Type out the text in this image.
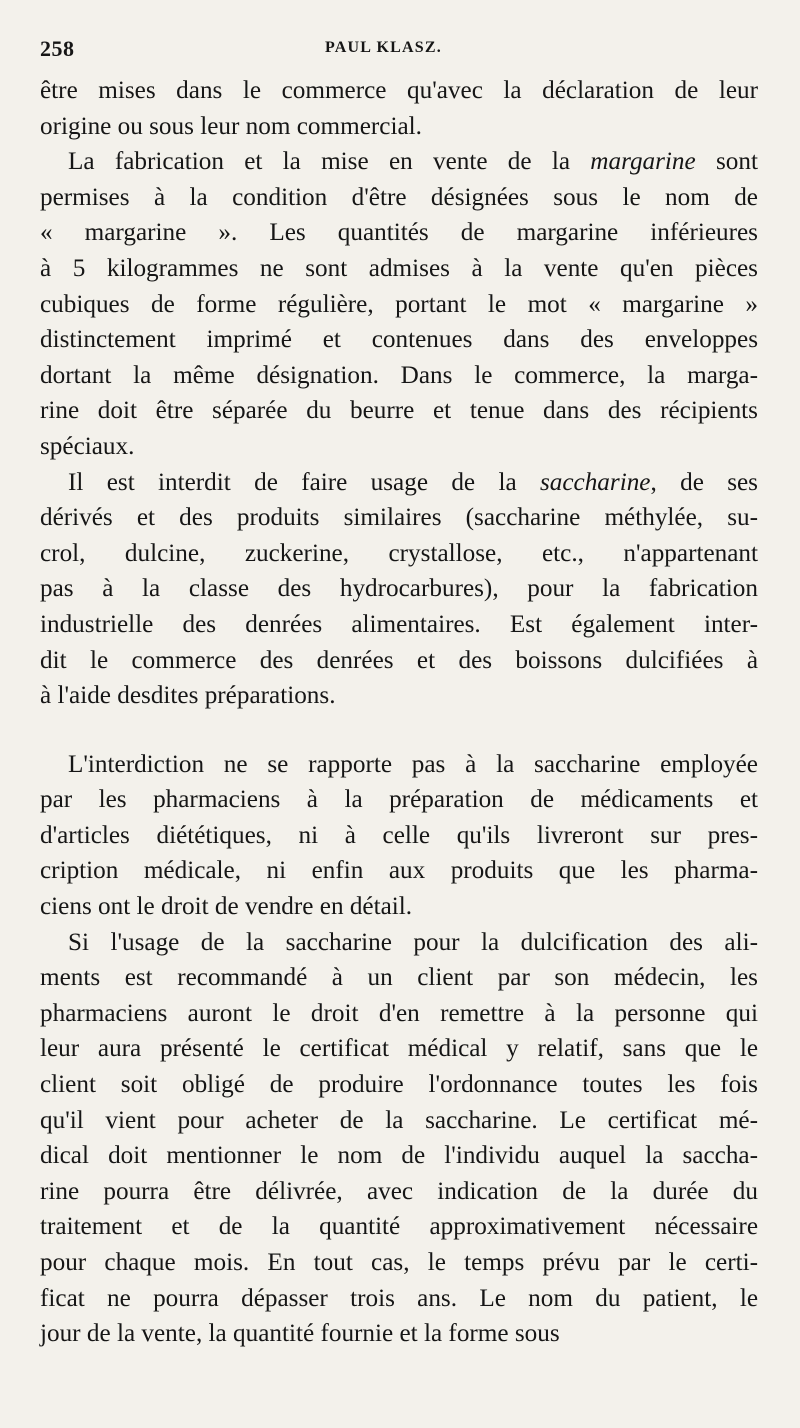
258	PAUL KLASZ.
être mises dans le commerce qu'avec la déclaration de leur
origine ou sous leur nom commercial.
La fabrication et la mise en vente de la margarine sont
permises à la condition d'être désignées sous le nom de
« margarine ». Les quantités de margarine inférieures
à 5 kilogrammes ne sont admises à la vente qu'en pièces
cubiques de forme régulière, portant le mot « margarine »
distinctement imprimé et contenues dans des enveloppes
dortant la même désignation. Dans le commerce, la marga-
rine doit être séparée du beurre et tenue dans des récipients
spéciaux.
Il est interdit de faire usage de la saccharine, de ses
dérivés et des produits similaires (saccharine méthylée, su-
crol, dulcine, zuckerine, crystallose, etc., n'appartenant
pas à la classe des hydrocarbures), pour la fabrication
industrielle des denrées alimentaires. Est également inter-
dit le commerce des denrées et des boissons dulcifiées à
à l'aide desdites préparations.
L'interdiction ne se rapporte pas à la saccharine employée
par les pharmaciens à la préparation de médicaments et
d'articles diététiques, ni à celle qu'ils livreront sur pres-
cription médicale, ni enfin aux produits que les pharma-
ciens ont le droit de vendre en détail.
Si l'usage de la saccharine pour la dulcification des ali-
ments est recommandé à un client par son médecin, les
pharmaciens auront le droit d'en remettre à la personne qui
leur aura présenté le certificat médical y relatif, sans que le
client soit obligé de produire l'ordonnance toutes les fois
qu'il vient pour acheter de la saccharine. Le certificat mé-
dical doit mentionner le nom de l'individu auquel la saccha-
rine pourra être délivrée, avec indication de la durée du
traitement et de la quantité approximativement nécessaire
pour chaque mois. En tout cas, le temps prévu par le certi-
ficat ne pourra dépasser trois ans. Le nom du patient, le
jour de la vente, la quantité fournie et la forme sous
